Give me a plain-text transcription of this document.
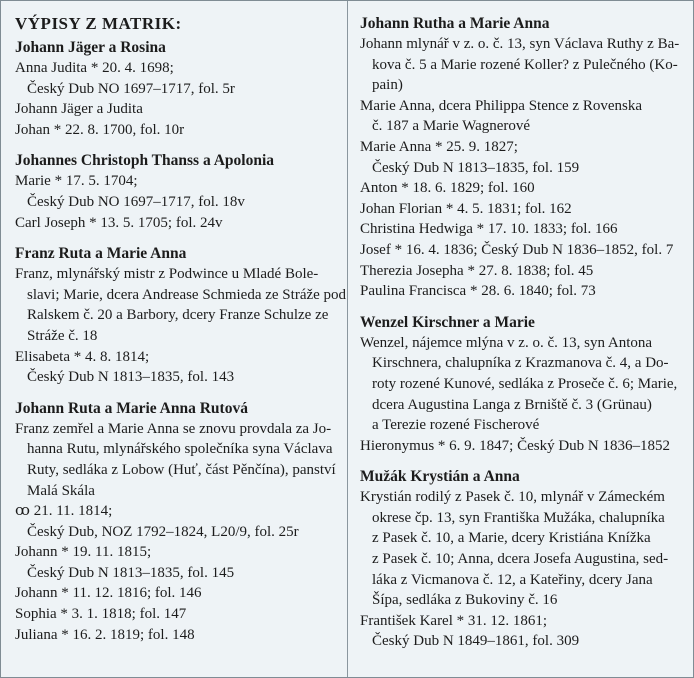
VÝPISY Z MATRIK:
Johann Jäger a Rosina
Anna Judita * 20. 4. 1698;
Český Dub NO 1697–1717, fol. 5r
Johann Jäger a Judita
Johan * 22. 8. 1700, fol. 10r
Johannes Christoph Thanss a Apolonia
Marie * 17. 5. 1704;
Český Dub NO 1697–1717, fol. 18v
Carl Joseph * 13. 5. 1705; fol. 24v
Franz Ruta a Marie Anna
Franz, mlynářský mistr z Podwince u Mladé Bole-
slavi; Marie, dcera Andrease Schmieda ze Stráže pod
Ralskem č. 20 a Barbory, dcery Franze Schulze ze
Stráže č. 18
Elisabeta * 4. 8. 1814;
Český Dub N 1813–1835, fol. 143
Johann Ruta a Marie Anna Rutová
Franz zemřel a Marie Anna se znovu provdala za Jo-
hanna Rutu, mlynářského společníka syna Václava
Ruty, sedláka z Lobow (Huť, část Pěnčína), panství
Malá Skála
ꝏ 21. 11. 1814;
Český Dub, NOZ 1792–1824, L20/9, fol. 25r
Johann * 19. 11. 1815;
Český Dub N 1813–1835, fol. 145
Johann * 11. 12. 1816; fol. 146
Sophia * 3. 1. 1818; fol. 147
Juliana * 16. 2. 1819; fol. 148
Johann Rutha a Marie Anna
Johann mlynář v z. o. č. 13, syn Václava Ruthy z Ba-
kova č. 5 a Marie rozené Koller? z Pulečného (Ko-
pain)
Marie Anna, dcera Philippa Stence z Rovenska
č. 187 a Marie Wagnerové
Marie Anna * 25. 9. 1827;
Český Dub N 1813–1835, fol. 159
Anton * 18. 6. 1829; fol. 160
Johan Florian * 4. 5. 1831; fol. 162
Christina Hedwiga * 17. 10. 1833; fol. 166
Josef * 16. 4. 1836; Český Dub N 1836–1852, fol. 7
Therezia Josepha * 27. 8. 1838; fol. 45
Paulina Francisca * 28. 6. 1840; fol. 73
Wenzel Kirschner a Marie
Wenzel, nájemce mlýna v z. o. č. 13, syn Antona
Kirschnera, chalupníka z Krazmanova č. 4, a Do-
roty rozené Kunové, sedláka z Proseče č. 6; Marie,
dcera Augustina Langa z Brniště č. 3 (Grünau)
a Terezie rozené Fischerové
Hieronymus * 6. 9. 1847; Český Dub N 1836–1852
Mužák Krystián a Anna
Krystián rodilý z Pasek č. 10, mlynář v Zámeckém
okrese čp. 13, syn Františka Mužáka, chalupníka
z Pasek č. 10, a Marie, dcery Kristiána Knížka
z Pasek č. 10; Anna, dcera Josefa Augustina, sed-
láka z Vicmanova č. 12, a Kateřiny, dcery Jana
Šípa, sedláka z Bukoviny č. 16
František Karel * 31. 12. 1861;
Český Dub N 1849–1861, fol. 309
